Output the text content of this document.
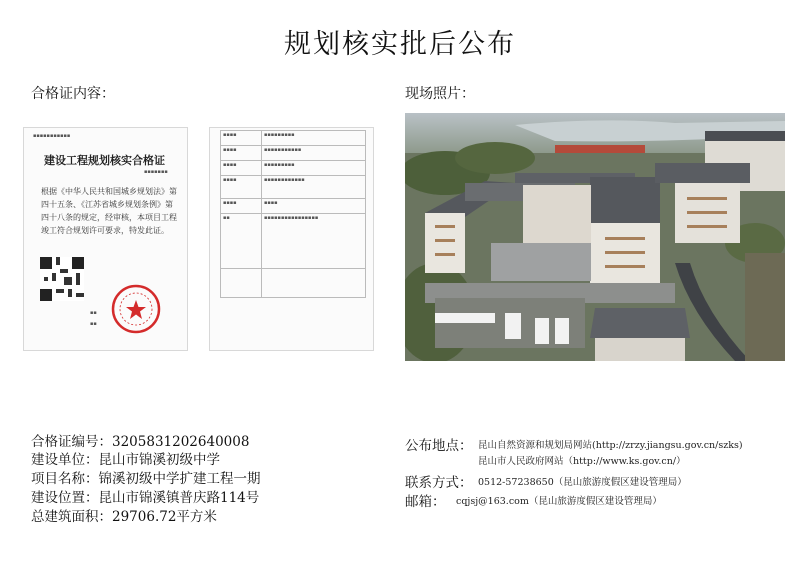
规划核实批后公布
合格证内容：	现场照片：
▪▪▪▪▪▪▪▪▪▪▪
建设工程规划核实合格证
▪▪▪▪▪▪▪
根据《中华人民共和国城乡规划法》第四十五条、《江苏省城乡规划条例》第四十八条的规定，经审核，本项目工程竣工符合规划许可要求，特发此证。
▪▪
▪▪
▪▪▪▪	▪▪▪▪▪▪▪▪▪
▪▪▪▪	▪▪▪▪▪▪▪▪▪▪▪
▪▪▪▪	▪▪▪▪▪▪▪▪▪
▪▪▪▪	▪▪▪▪▪▪▪▪▪▪▪▪
▪▪▪▪	▪▪▪▪
▪▪	▪▪▪▪▪▪▪▪▪▪▪▪▪▪▪▪

合格证编号：3205831202640008
建设单位：昆山市锦溪初级中学
项目名称：锦溪初级中学扩建工程一期
建设位置：昆山市锦溪镇普庆路114号
总建筑面积：29706.72平方米
公布地点： 昆山自然资源和规划局网站(http://zrzy.jiangsu.gov.cn/szks)
昆山市人民政府网站（http://www.ks.gov.cn/）
联系方式： 0512-57238650（昆山旅游度假区建设管理局）
邮箱： cqjsj@163.com（昆山旅游度假区建设管理局）
